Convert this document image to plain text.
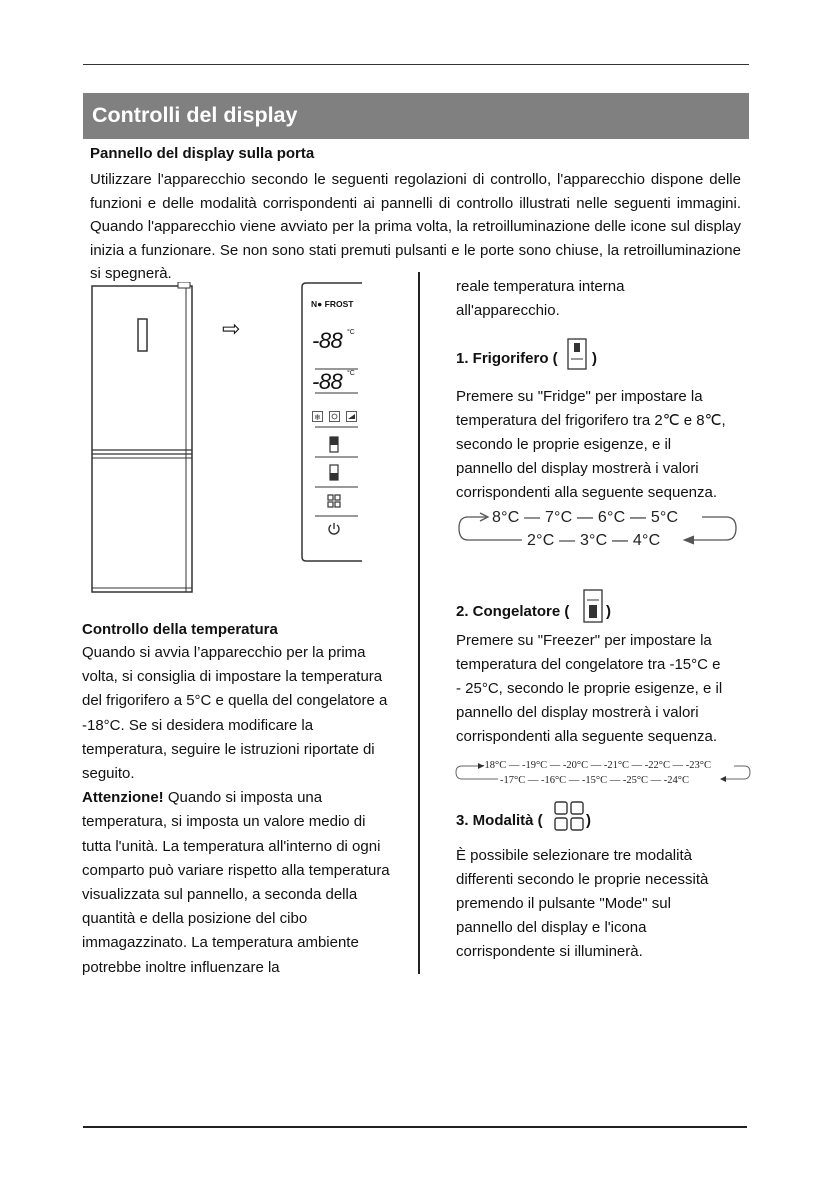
Controlli del display
Pannello del display sulla porta
Utilizzare l'apparecchio secondo le seguenti regolazioni di controllo, l'apparecchio dispone delle funzioni e delle modalità corrispondenti ai pannelli di controllo illustrati nelle seguenti immagini. Quando l'apparecchio viene avviato per la prima volta, la retroilluminazione delle icone sul display inizia a funzionare. Se non sono stati premuti pulsanti e le porte sono chiuse, la retroilluminazione si spegnerà.
⇨
N● FROST
-88 °C
-88 °C
❄
Controllo della temperatura

Quando si avvia l’apparecchio per la prima volta, si consiglia di impostare la temperatura del frigorifero a 5°C e quella del congelatore a -18°C. Se si desidera modificare la temperatura, seguire le istruzioni riportate di seguito.

Attenzione! Quando si imposta una temperatura, si imposta un valore medio di tutta l'unità. La temperatura all'interno di ogni comparto può variare rispetto alla temperatura visualizzata sul pannello, a seconda della quantità e della posizione del cibo immagazzinato. La temperatura ambiente potrebbe inoltre influenzare la

reale temperatura interna
all'apparecchio.
1. Frigorifero ( )
Premere su "Fridge" per impostare la
temperatura del frigorifero tra 2℃ e 8℃,
secondo le proprie esigenze, e il
pannello del display mostrerà i valori
corrispondenti alla seguente sequenza.
8°C — 7°C — 6°C — 5°C
2°C — 3°C — 4°C
2. Congelatore ( )
Premere su "Freezer" per impostare la
temperatura del congelatore tra -15°C e
- 25°C, secondo le proprie esigenze, e il
pannello del display mostrerà i valori
corrispondenti alla seguente sequenza.
-18°C — -19°C — -20°C — -21°C — -22°C — -23°C
-17°C — -16°C — -15°C — -25°C — -24°C
3. Modalità (	)
È possibile selezionare tre modalità
differenti secondo le proprie necessità
premendo il pulsante "Mode" sul
pannello del display e l'icona
corrispondente si illuminerà.
